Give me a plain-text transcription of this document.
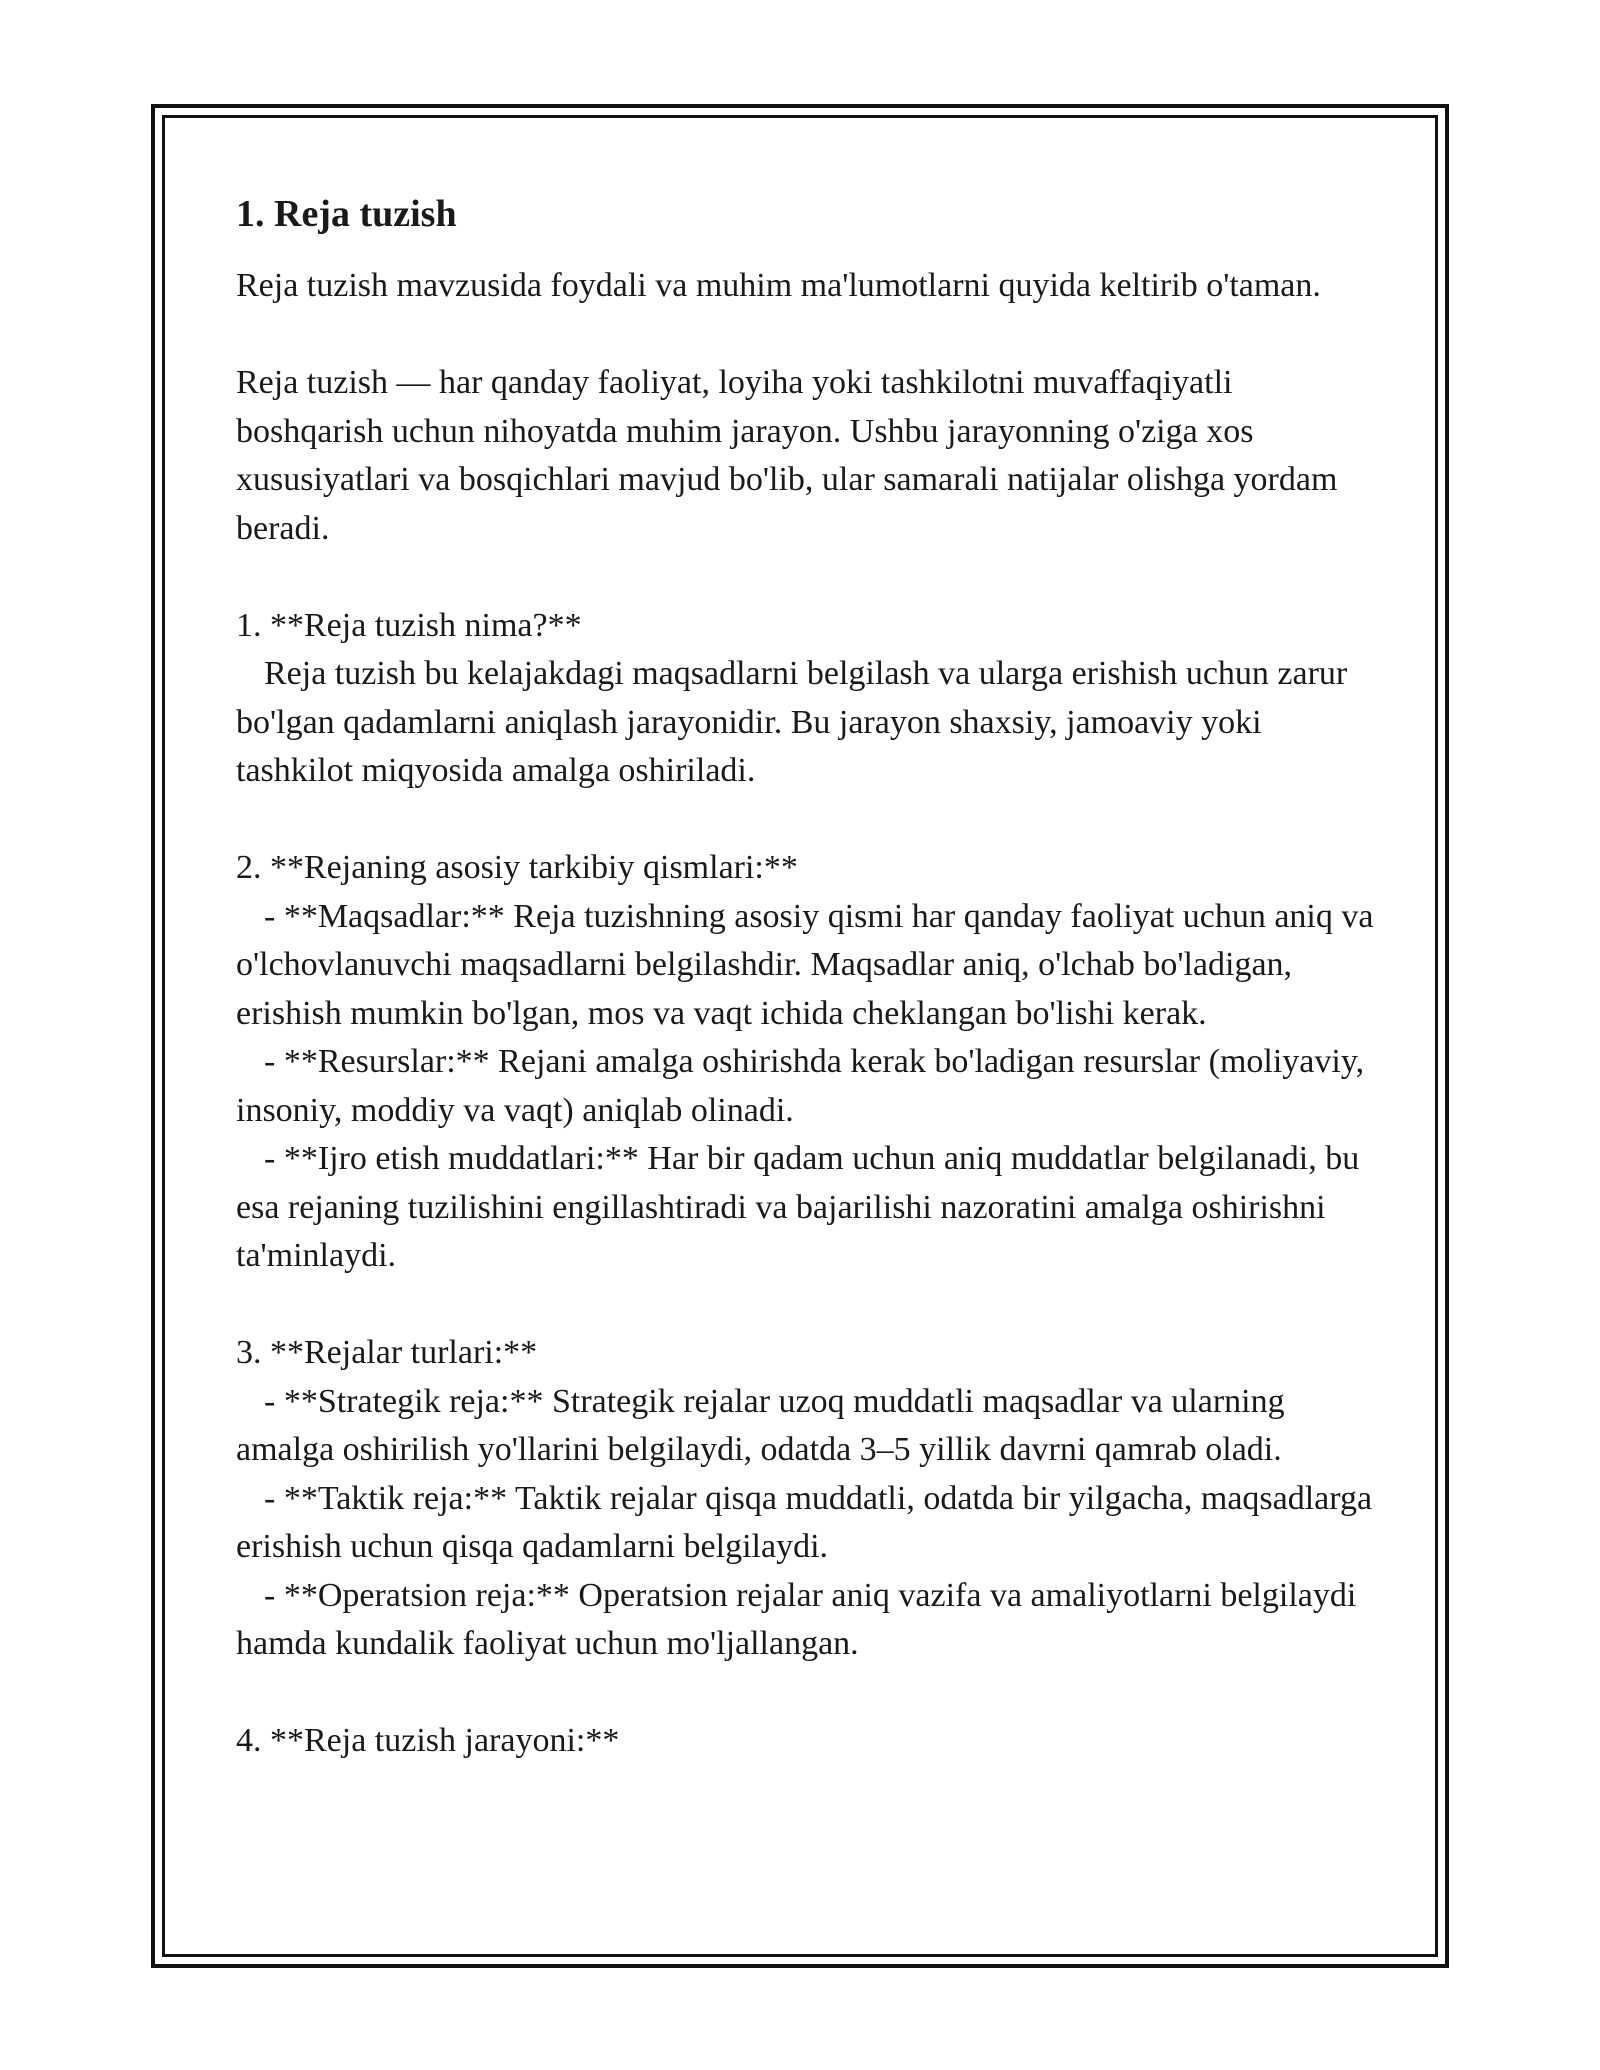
1. Reja tuzish
Reja tuzish mavzusida foydali va muhim ma'lumotlarni quyida keltirib o'taman.
Reja tuzish — har qanday faoliyat, loyiha yoki tashkilotni muvaffaqiyatli boshqarish uchun nihoyatda muhim jarayon. Ushbu jarayonning o'ziga xos xususiyatlari va bosqichlari mavjud bo'lib, ular samarali natijalar olishga yordam beradi.
1. **Reja tuzish nima?**
Reja tuzish bu kelajakdagi maqsadlarni belgilash va ularga erishish uchun zarur bo'lgan qadamlarni aniqlash jarayonidir. Bu jarayon shaxsiy, jamoaviy yoki tashkilot miqyosida amalga oshiriladi.
2. **Rejaning asosiy tarkibiy qismlari:**
- **Maqsadlar:** Reja tuzishning asosiy qismi har qanday faoliyat uchun aniq va o'lchovlanuvchi maqsadlarni belgilashdir. Maqsadlar aniq, o'lchab bo'ladigan, erishish mumkin bo'lgan, mos va vaqt ichida cheklangan bo'lishi kerak.
- **Resurslar:** Rejani amalga oshirishda kerak bo'ladigan resurslar (moliyaviy, insoniy, moddiy va vaqt) aniqlab olinadi.
- **Ijro etish muddatlari:** Har bir qadam uchun aniq muddatlar belgilanadi, bu esa rejaning tuzilishini engillashtiradi va bajarilishi nazoratini amalga oshirishni ta'minlaydi.
3. **Rejalar turlari:**
- **Strategik reja:** Strategik rejalar uzoq muddatli maqsadlar va ularning amalga oshirilish yo'llarini belgilaydi, odatda 3–5 yillik davrni qamrab oladi.
- **Taktik reja:** Taktik rejalar qisqa muddatli, odatda bir yilgacha, maqsadlarga erishish uchun qisqa qadamlarni belgilaydi.
- **Operatsion reja:** Operatsion rejalar aniq vazifa va amaliyotlarni belgilaydi hamda kundalik faoliyat uchun mo'ljallangan.
4. **Reja tuzish jarayoni:**
